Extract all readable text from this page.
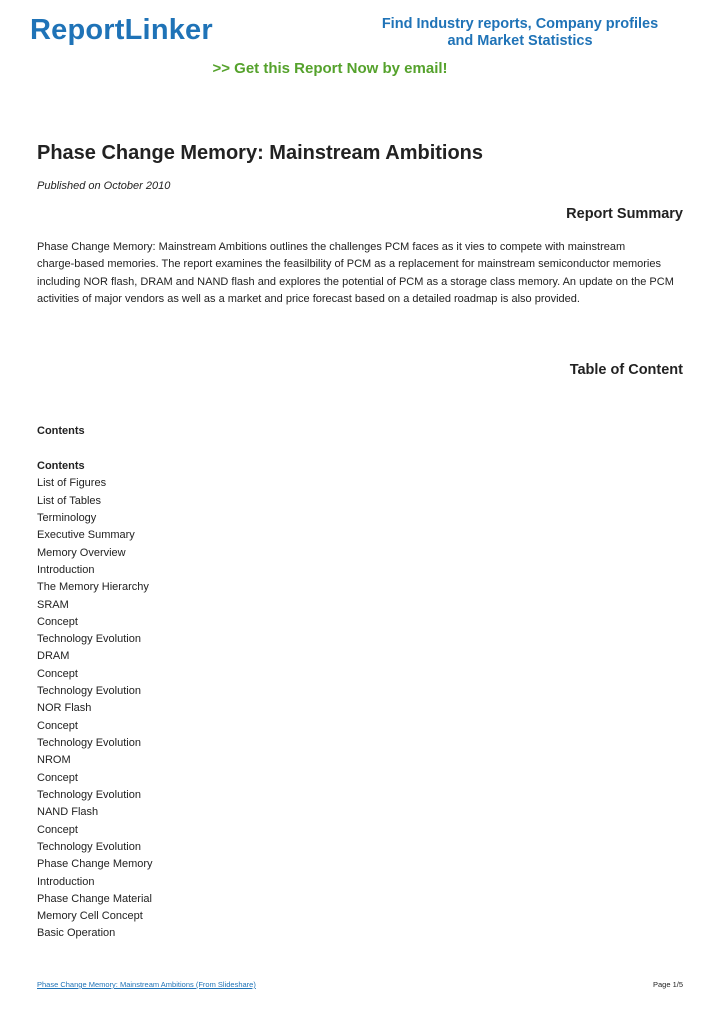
ReportLinker	Find Industry reports, Company profiles
and Market Statistics
>> Get this Report Now by email!
Phase Change Memory: Mainstream Ambitions
Published on October 2010
Report Summary
Phase Change Memory: Mainstream Ambitions outlines the challenges PCM faces as it vies to compete with mainstream
charge-based memories. The report examines the feasilbility of PCM as a replacement for mainstream semiconductor memories
including NOR flash, DRAM and NAND flash and explores the potential of PCM as a storage class memory. An update on the PCM
activities of major vendors as well as a market and price forecast based on a detailed roadmap is also provided.
Table of Content
Contents
Contents
List of Figures
List of Tables
Terminology
Executive Summary
Memory Overview
Introduction
The Memory Hierarchy
SRAM
Concept
Technology Evolution
DRAM
Concept
Technology Evolution
NOR Flash
Concept
Technology Evolution
NROM
Concept
Technology Evolution
NAND Flash
Concept
Technology Evolution
Phase Change Memory
Introduction
Phase Change Material
Memory Cell Concept
Basic Operation
Phase Change Memory: Mainstream Ambitions (From Slideshare)	Page 1/5
